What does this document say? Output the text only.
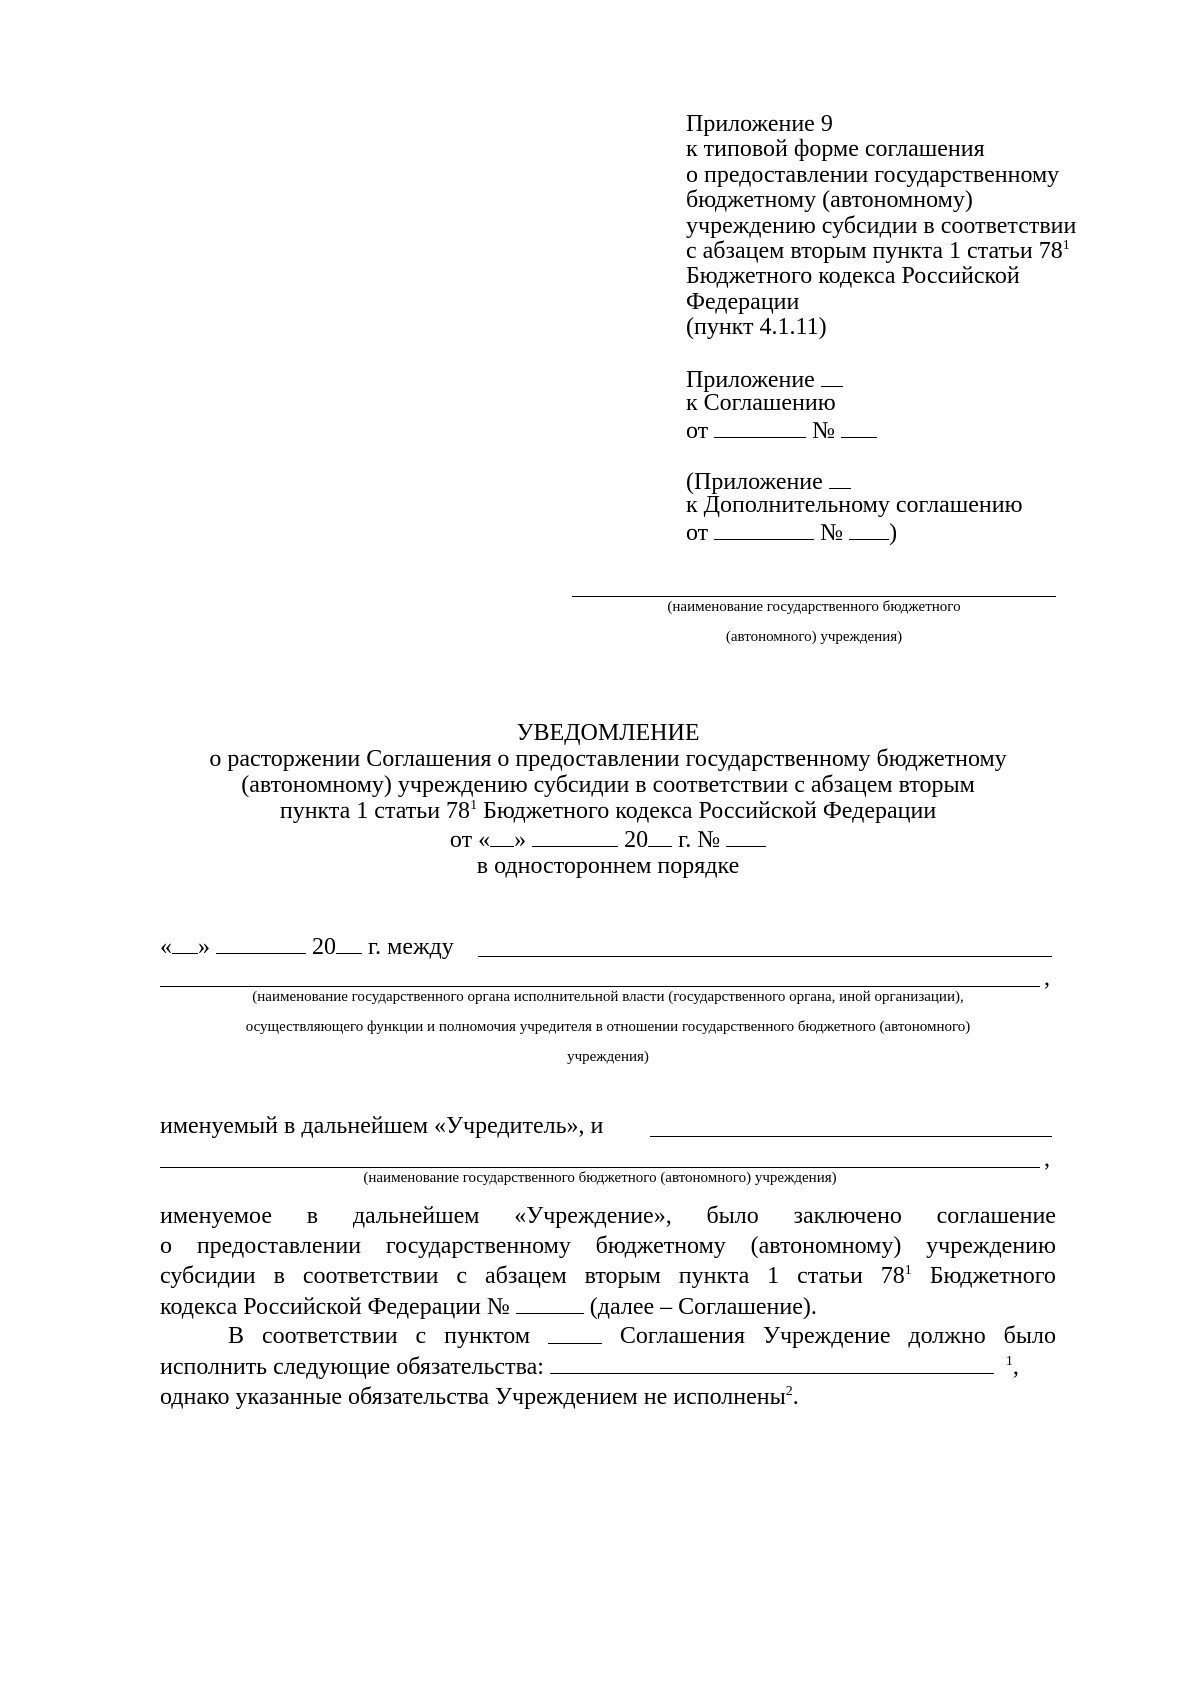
Приложение 9
к типовой форме соглашения
о предоставлении государственному
бюджетному (автономному)
учреждению субсидии в соответствии
с абзацем вторым пункта 1 статьи $78^1$
Бюджетного кодекса Российской
Федерации
(пункт 4.1.11)
Приложение
к Соглашению
от	№
(Приложение
к Дополнительному соглашению
от	№ )
(наименование государственного бюджетного
(автономного) учреждения)
УВЕДОМЛЕНИЕ
о расторжении Соглашения о предоставлении государственному бюджетному
(автономному) учреждению субсидии в соответствии с абзацем вторым
пункта 1 статьи $78^1$ Бюджетного кодекса Российской Федерации
от « »	20 г. №
в одностороннем порядке
« »	20 г. между
,
(наименование государственного органа исполнительной власти (государственного органа, иной организации),
осуществляющего функции и полномочия учредителя в отношении государственного бюджетного (автономного)
учреждения)
именуемый в дальнейшем «Учредитель», и
,
(наименование государственного бюджетного (автономного) учреждения)
именуемое в дальнейшем «Учреждение», было заключено соглашение
о предоставлении государственному бюджетному (автономному) учреждению
субсидии в соответствии с абзацем вторым пункта 1 статьи $78^1$ Бюджетного
кодекса Российской Федерации №	(далее – Соглашение).
В соответствии с пунктом	Соглашения Учреждение должно было
исполнить следующие обязательства:	$^1$,
однако указанные обязательства Учреждением не исполнены$^2$.
